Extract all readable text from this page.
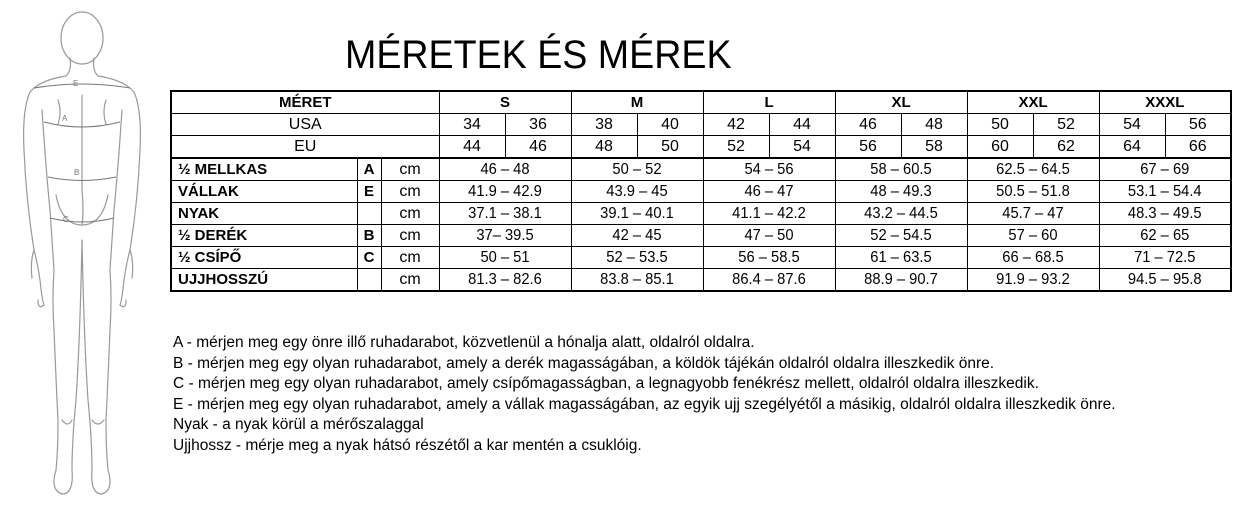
E
A
B
C
MÉRETEK ÉS MÉREK
MÉRET			S		M		L		XL		XXL		XXXL	
USA			34	36	38	40	42	44	46	48	50	52	54	56
EU			44	46	48	50	52	54	56	58	60	62	64	66
½ MELLKAS	A	cm	46 – 48		50 – 52		54 – 56		58 – 60.5		62.5 – 64.5		67 – 69	
VÁLLAK	E	cm	41.9 – 42.9		43.9 – 45		46 – 47		48 – 49.3		50.5 – 51.8		53.1 – 54.4	
NYAK		cm	37.1 – 38.1		39.1 – 40.1		41.1 – 42.2		43.2 – 44.5		45.7 – 47		48.3 – 49.5	
½ DERÉK	B	cm	37– 39.5		42 – 45		47 – 50		52 – 54.5		57 – 60		62 – 65	
½ CSÍPŐ	C	cm	50 – 51		52 – 53.5		56 – 58.5		61 – 63.5		66 – 68.5		71 – 72.5	
UJJHOSSZÚ		cm	81.3 – 82.6		83.8 – 85.1		86.4 – 87.6		88.9 – 90.7		91.9 – 93.2		94.5 – 95.8	

A - mérjen meg egy önre illő ruhadarabot, közvetlenül a hónalja alatt, oldalról oldalra.

B - mérjen meg egy olyan ruhadarabot, amely a derék magasságában, a köldök tájékán oldalról oldalra illeszkedik önre.

C - mérjen meg egy olyan ruhadarabot, amely csípőmagasságban, a legnagyobb fenékrész mellett, oldalról oldalra illeszkedik.

E - mérjen meg egy olyan ruhadarabot, amely a vállak magasságában, az egyik ujj szegélyétől a másikig, oldalról oldalra illeszkedik önre.

Nyak - a nyak körül a mérőszalaggal

Ujjhossz - mérje meg a nyak hátsó részétől a kar mentén a csuklóig.
